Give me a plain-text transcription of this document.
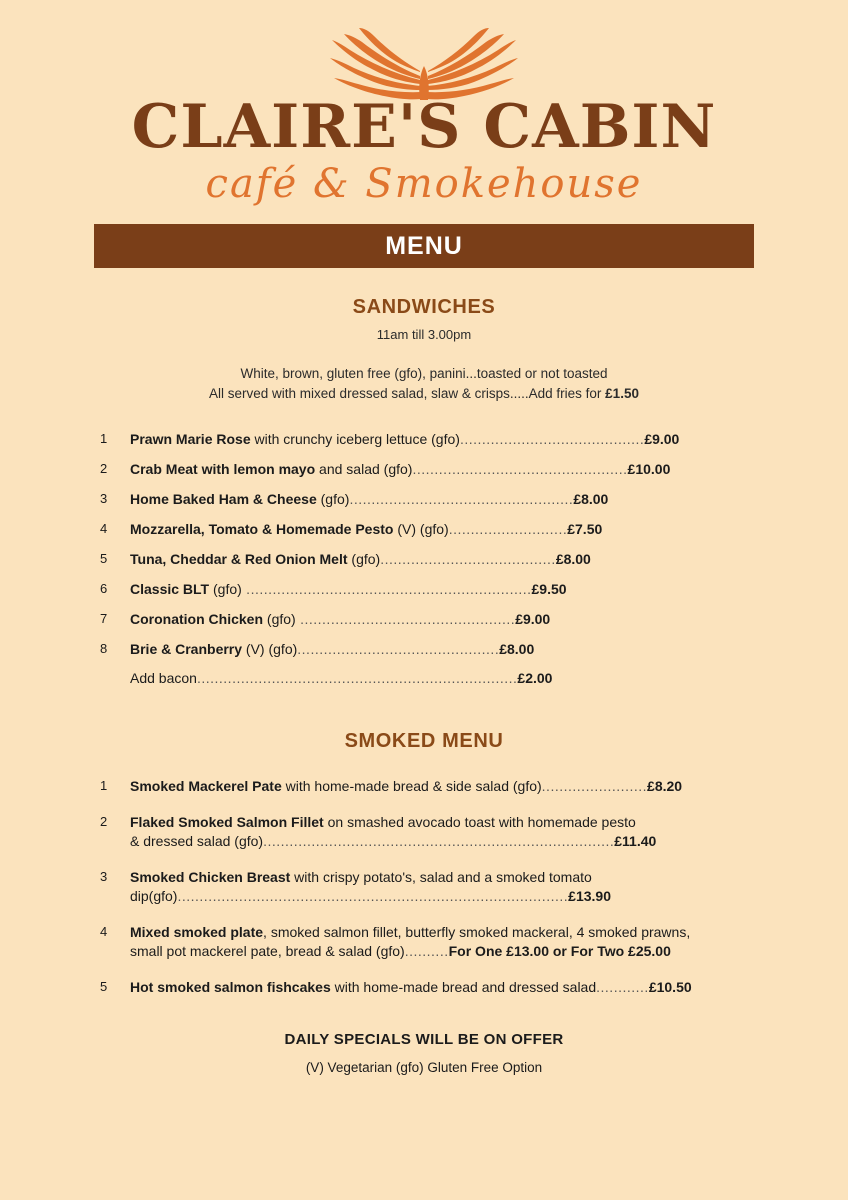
CLAIRE'S CABIN
café & Smokehouse
MENU
SANDWICHES
11am till 3.00pm
White, brown, gluten free (gfo), panini...toasted or not toasted
All served with mixed dressed salad, slaw & crisps.....Add fries for £1.50
1	Prawn Marie Rose with crunchy iceberg lettuce (gfo)..........................................£9.00
2	Crab Meat with lemon mayo and salad (gfo).................................................£10.00
3	Home Baked Ham & Cheese (gfo)...................................................£8.00
4	Mozzarella, Tomato & Homemade Pesto (V) (gfo)...........................£7.50
5	Tuna, Cheddar & Red Onion Melt (gfo)........................................£8.00
6	Classic BLT (gfo) .................................................................£9.50
7	Coronation Chicken (gfo) .................................................£9.00
8	Brie & Cranberry (V) (gfo)..............................................£8.00
Add bacon.........................................................................£2.00
SMOKED MENU
1	Smoked Mackerel Pate with home-made bread & side salad (gfo)........................£8.20
2	Flaked Smoked Salmon Fillet on smashed avocado toast with homemade pesto
& dressed salad (gfo)................................................................................£11.40
3	Smoked Chicken Breast with crispy potato's, salad and a smoked tomato
dip(gfo).........................................................................................£13.90
4	Mixed smoked plate, smoked salmon fillet, butterfly smoked mackeral, 4 smoked prawns,
small pot mackerel pate, bread & salad (gfo)..........For One £13.00 or For Two £25.00
5	Hot smoked salmon fishcakes with home-made bread and dressed salad............£10.50
DAILY SPECIALS WILL BE ON OFFER
(V) Vegetarian (gfo) Gluten Free Option
